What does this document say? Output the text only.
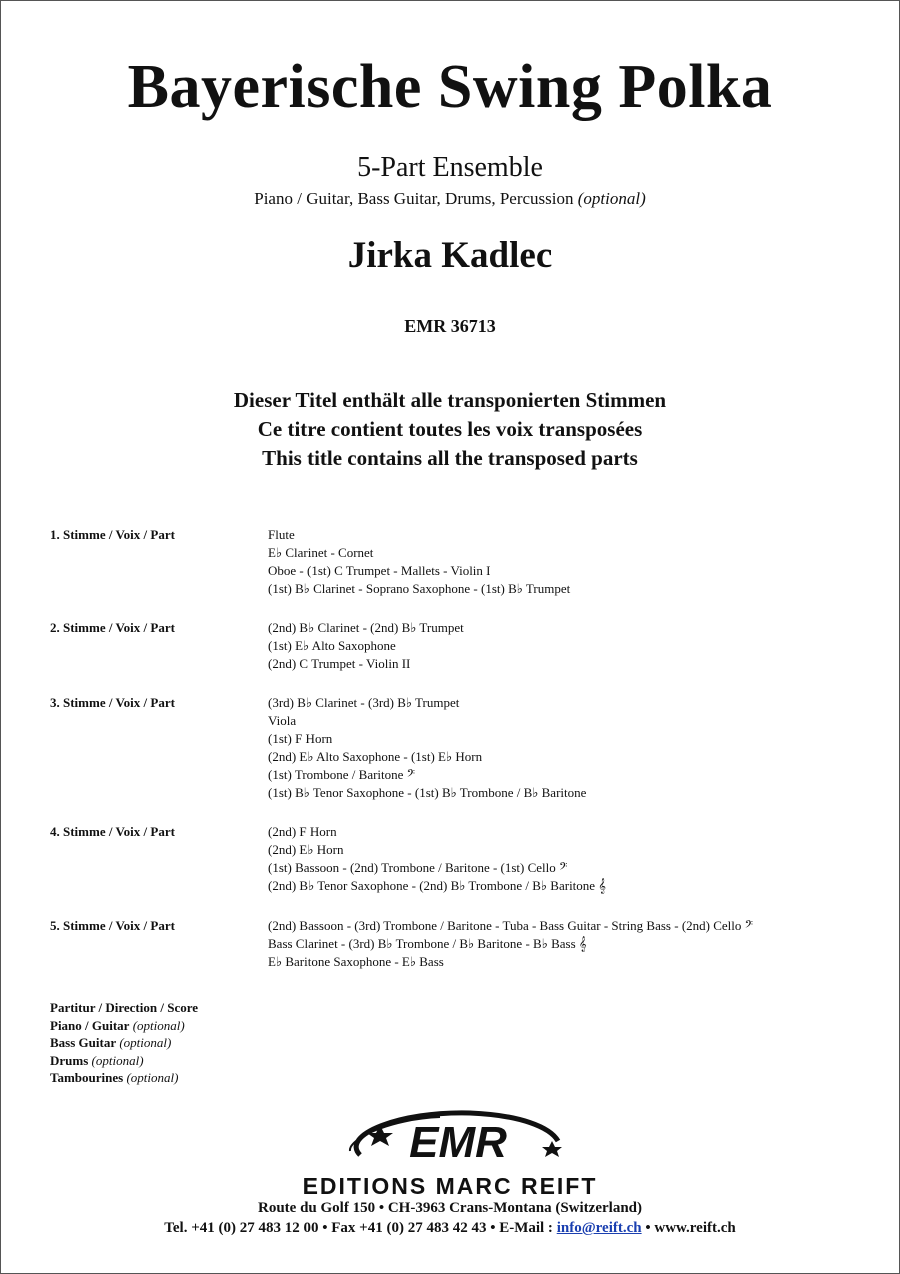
Bayerische Swing Polka
5-Part Ensemble
Piano / Guitar, Bass Guitar, Drums, Percussion (optional)
Jirka Kadlec
EMR 36713
Dieser Titel enthält alle transponierten Stimmen
Ce titre contient toutes les voix transposées
This title contains all the transposed parts
1. Stimme / Voix / Part	Flute
E♭ Clarinet - Cornet
Oboe - (1st) C Trumpet - Mallets - Violin I
(1st) B♭ Clarinet - Soprano Saxophone - (1st) B♭ Trumpet
2. Stimme / Voix / Part	(2nd) B♭ Clarinet - (2nd) B♭ Trumpet
(1st) E♭ Alto Saxophone
(2nd) C Trumpet - Violin II
3. Stimme / Voix / Part	(3rd) B♭ Clarinet - (3rd) B♭ Trumpet
Viola
(1st) F Horn
(2nd) E♭ Alto Saxophone - (1st) E♭ Horn
(1st) Trombone / Baritone 𝄢
(1st) B♭ Tenor Saxophone - (1st) B♭ Trombone / B♭ Baritone
4. Stimme / Voix / Part	(2nd) F Horn
(2nd) E♭ Horn
(1st) Bassoon - (2nd) Trombone / Baritone - (1st) Cello 𝄢
(2nd) B♭ Tenor Saxophone - (2nd) B♭ Trombone / B♭ Baritone 𝄞
5. Stimme / Voix / Part	(2nd) Bassoon - (3rd) Trombone / Baritone - Tuba - Bass Guitar - String Bass - (2nd) Cello 𝄢
Bass Clarinet - (3rd) B♭ Trombone / B♭ Baritone - B♭ Bass 𝄞
E♭ Baritone Saxophone - E♭ Bass
Partitur / Direction / Score
Piano / Guitar (optional)
Bass Guitar (optional)
Drums (optional)
Tambourines (optional)
EMR
EDITIONS MARC REIFT
Route du Golf 150 • CH-3963 Crans-Montana (Switzerland)
Tel. +41 (0) 27 483 12 00 • Fax +41 (0) 27 483 42 43 • E-Mail : info@reift.ch • www.reift.ch
